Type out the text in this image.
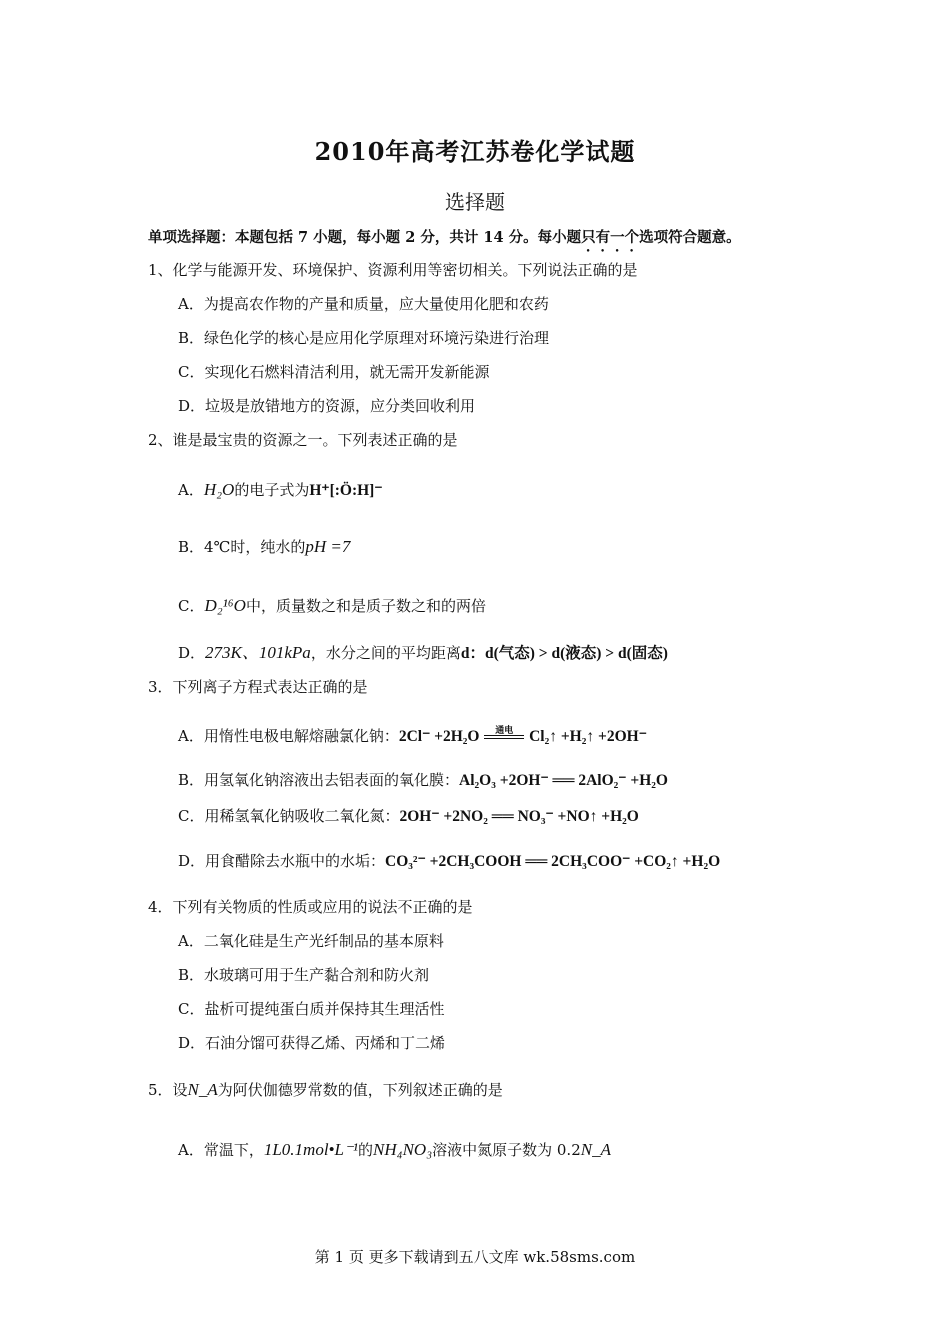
2010年高考江苏卷化学试题
选择题
单项选择题：本题包括 7 小题，每小题 2 分，共计 14 分。每小题只有一个选项符合题意。
1、化学与能源开发、环境保护、资源利用等密切相关。下列说法正确的是
A．为提高农作物的产量和质量，应大量使用化肥和农药
B．绿色化学的核心是应用化学原理对环境污染进行治理
C．实现化石燃料清洁利用，就无需开发新能源
D．垃圾是放错地方的资源，应分类回收利用
2、谁是最宝贵的资源之一。下列表述正确的是
A．H₂O的电子式为H⁺[:Ö:H]⁻
B．4℃时，纯水的pH =7
C．D₂¹⁶O中，质量数之和是质子数之和的两倍
D．273K、101kPa，水分之间的平均距离d：d(气态) > d(液态) > d(固态)
3．下列离子方程式表达正确的是
A．用惰性电极电解熔融氯化钠：2Cl⁻ +2H₂O	通电	Cl₂↑ +H₂↑ +2OH⁻
B．用氢氧化钠溶液出去铝表面的氧化膜：Al₂O₃ +2OH⁻ ══ 2AlO₂⁻ +H₂O
C．用稀氢氧化钠吸收二氧化氮：2OH⁻ +2NO₂ ══ NO₃⁻ +NO↑ +H₂O
D．用食醋除去水瓶中的水垢：CO₃²⁻ +2CH₃COOH ══ 2CH₃COO⁻ +CO₂↑ +H₂O
4．下列有关物质的性质或应用的说法不正确的是
A．二氧化硅是生产光纤制品的基本原料
B．水玻璃可用于生产黏合剂和防火剂
C．盐析可提纯蛋白质并保持其生理活性
D．石油分馏可获得乙烯、丙烯和丁二烯
5．设N_A为阿伏伽德罗常数的值，下列叙述正确的是
A．常温下，1L0.1mol•L⁻¹的NH₄NO₃溶液中氮原子数为 0.2N_A
第 1 页 更多下载请到五八文库 wk.58sms.com
